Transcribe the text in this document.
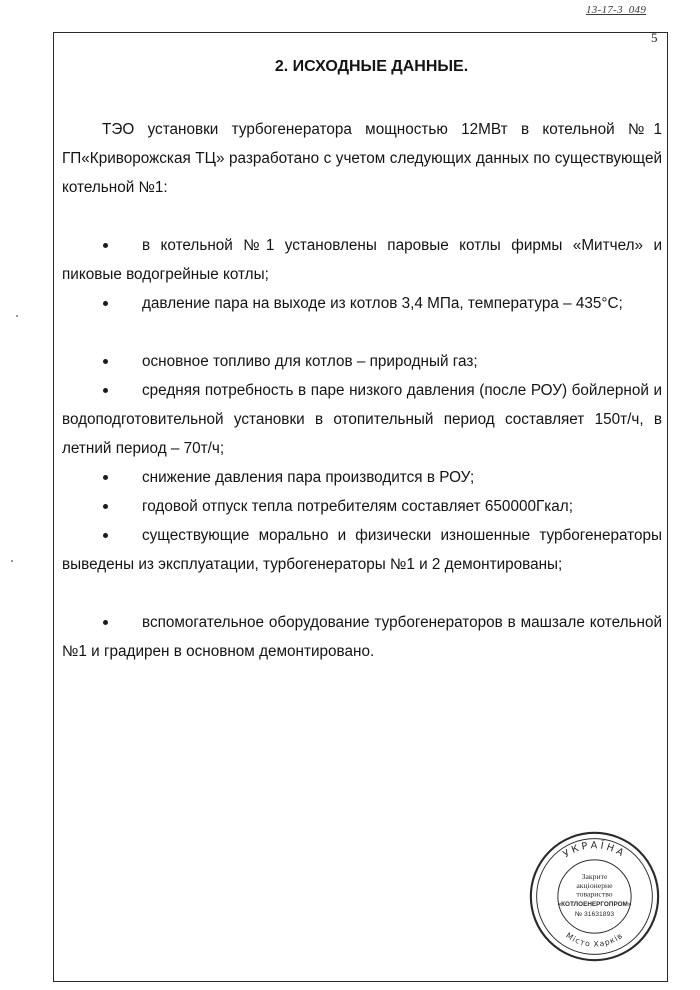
13-17-3_049
5
2. ИСХОДНЫЕ ДАННЫЕ.

ТЭО установки турбогенератора мощностью 12МВт в котельной №1 ГП«Криворожская ТЦ» разработано с учетом следующих данных по существующей котельной №1:

в котельной №1 установлены паровые котлы фирмы «Митчел» и пиковые водогрейные котлы;

давление пара на выходе из котлов 3,4 МПа, температура – 435°С;

основное топливо для котлов – природный газ;

средняя потребность в паре низкого давления (после РОУ) бойлерной и водоподготовительной установки в отопительный период составляет 150т/ч, в летний период – 70т/ч;

снижение давления пара производится в РОУ;

годовой отпуск тепла потребителям составляет 650000Гкал;

существующие морально и физически изношенные турбогенераторы выведены из эксплуатации, турбогенераторы №1 и 2 демонтированы;

вспомогательное оборудование турбогенераторов в машзале котельной №1 и градирен в основном демонтировано.

УКРАЇНА
Місто Харків
Закрите
акціонерне
товариство
«КОТЛОЕНЕРГОПРОМ»
№ 31631893
